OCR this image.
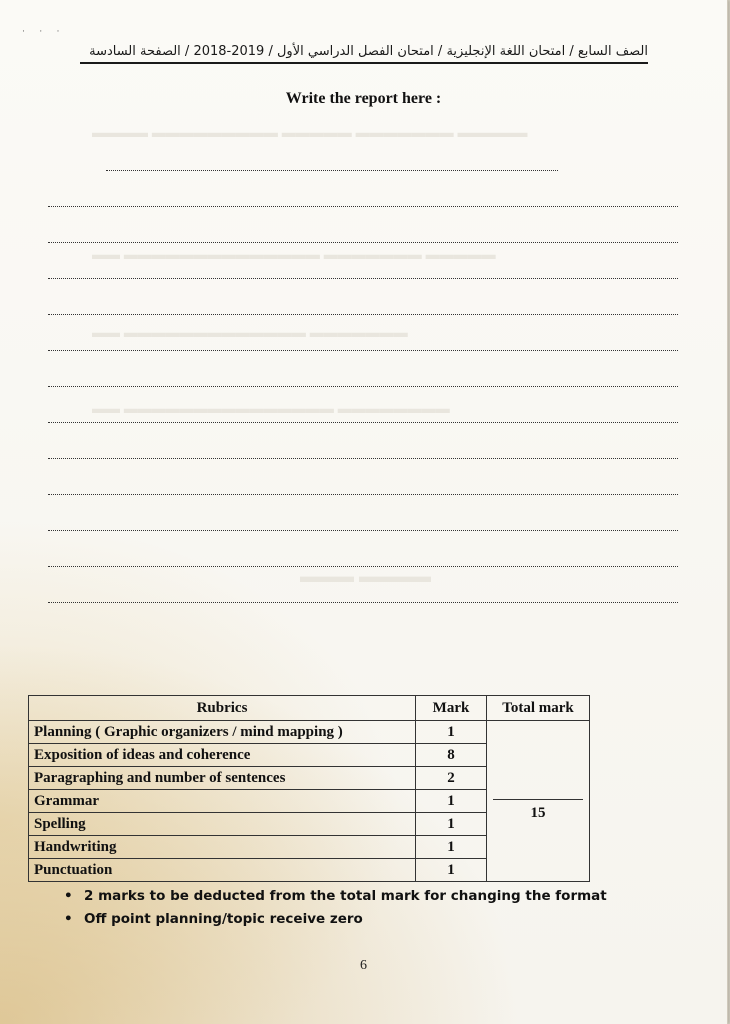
· · ·
▬▬▬▬ ▬▬▬▬▬▬▬▬▬ ▬▬▬▬▬ ▬▬▬▬▬▬▬ ▬▬▬▬▬
▬▬ ▬▬▬▬▬▬▬▬▬▬▬▬▬▬ ▬▬▬▬▬▬▬ ▬▬▬▬▬
▬▬ ▬▬▬▬▬▬▬▬▬▬▬▬▬ ▬▬▬▬▬▬▬
▬▬ ▬▬▬▬▬▬▬▬▬▬▬▬▬▬▬ ▬▬▬▬▬▬▬▬
▬▬▬ ▬▬▬▬
الصف السابع / امتحان اللغة الإنجليزية / امتحان الفصل الدراسي الأول / 2019-2018 / الصفحة السادسة
Write the report here :
Rubrics	Mark	Total mark
Planning ( Graphic organizers / mind mapping )	1	15

Exposition of ideas and coherence	8	
Paragraphing and number of sentences	2	
Grammar	1	
Spelling	1	
Handwriting	1	
Punctuation	1	
• 2 marks to be deducted from the total mark for changing the format
• Off point planning/topic receive zero
6
